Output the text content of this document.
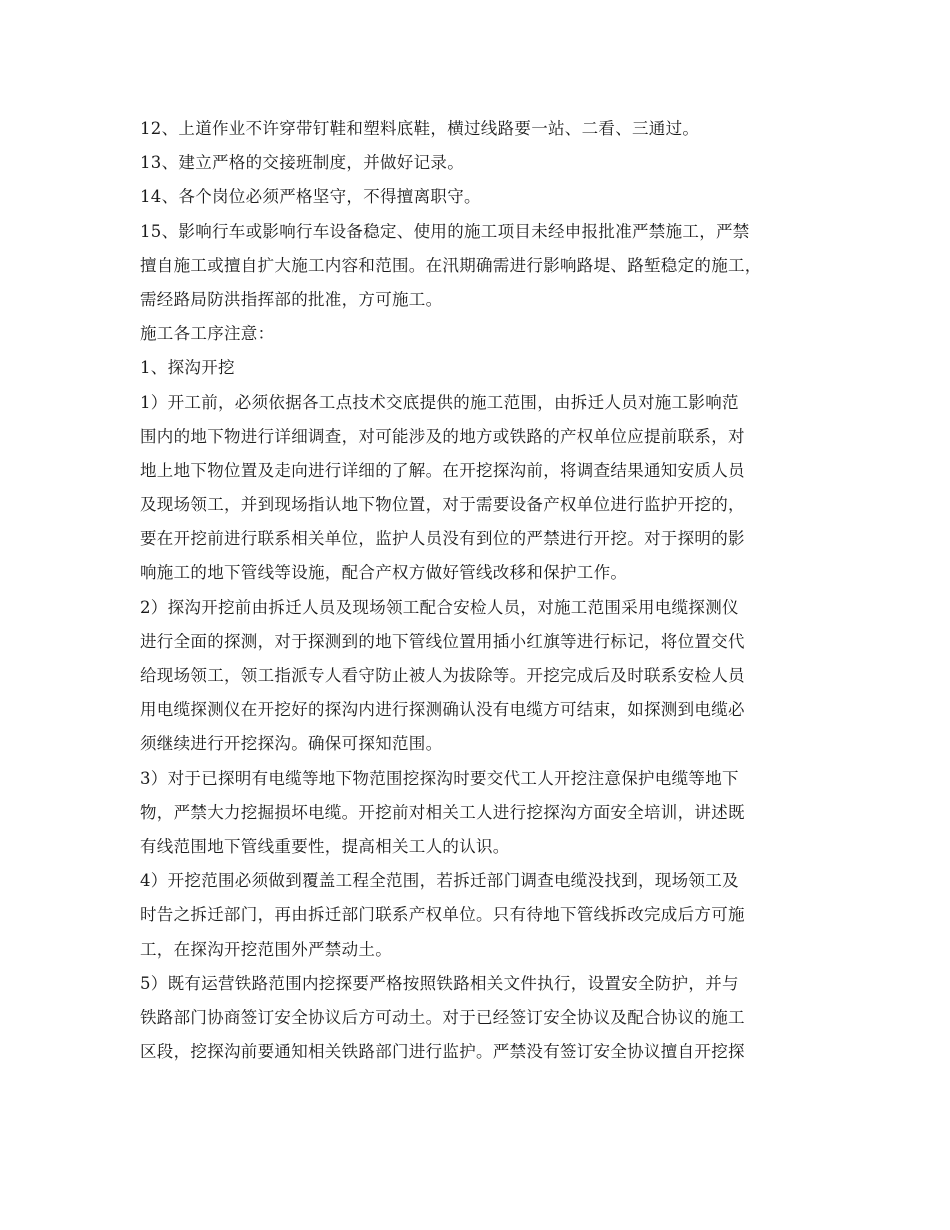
12、上道作业不许穿带钉鞋和塑料底鞋，横过线路要一站、二看、三通过。
13、建立严格的交接班制度，并做好记录。
14、各个岗位必须严格坚守，不得擅离职守。
15、影响行车或影响行车设备稳定、使用的施工项目未经申报批准严禁施工，严禁
擅自施工或擅自扩大施工内容和范围。在汛期确需进行影响路堤、路堑稳定的施工，
需经路局防洪指挥部的批准，方可施工。
施工各工序注意：
1、探沟开挖
1）开工前，必须依据各工点技术交底提供的施工范围，由拆迁人员对施工影响范
围内的地下物进行详细调查，对可能涉及的地方或铁路的产权单位应提前联系，对
地上地下物位置及走向进行详细的了解。在开挖探沟前，将调查结果通知安质人员
及现场领工，并到现场指认地下物位置，对于需要设备产权单位进行监护开挖的，
要在开挖前进行联系相关单位，监护人员没有到位的严禁进行开挖。对于探明的影
响施工的地下管线等设施，配合产权方做好管线改移和保护工作。
2）探沟开挖前由拆迁人员及现场领工配合安检人员，对施工范围采用电缆探测仪
进行全面的探测，对于探测到的地下管线位置用插小红旗等进行标记，将位置交代
给现场领工，领工指派专人看守防止被人为拔除等。开挖完成后及时联系安检人员
用电缆探测仪在开挖好的探沟内进行探测确认没有电缆方可结束，如探测到电缆必
须继续进行开挖探沟。确保可探知范围。
3）对于已探明有电缆等地下物范围挖探沟时要交代工人开挖注意保护电缆等地下
物，严禁大力挖掘损坏电缆。开挖前对相关工人进行挖探沟方面安全培训，讲述既
有线范围地下管线重要性，提高相关工人的认识。
4）开挖范围必须做到覆盖工程全范围，若拆迁部门调查电缆没找到，现场领工及
时告之拆迁部门，再由拆迁部门联系产权单位。只有待地下管线拆改完成后方可施
工，在探沟开挖范围外严禁动土。
5）既有运营铁路范围内挖探要严格按照铁路相关文件执行，设置安全防护，并与
铁路部门协商签订安全协议后方可动土。对于已经签订安全协议及配合协议的施工
区段，挖探沟前要通知相关铁路部门进行监护。严禁没有签订安全协议擅自开挖探
